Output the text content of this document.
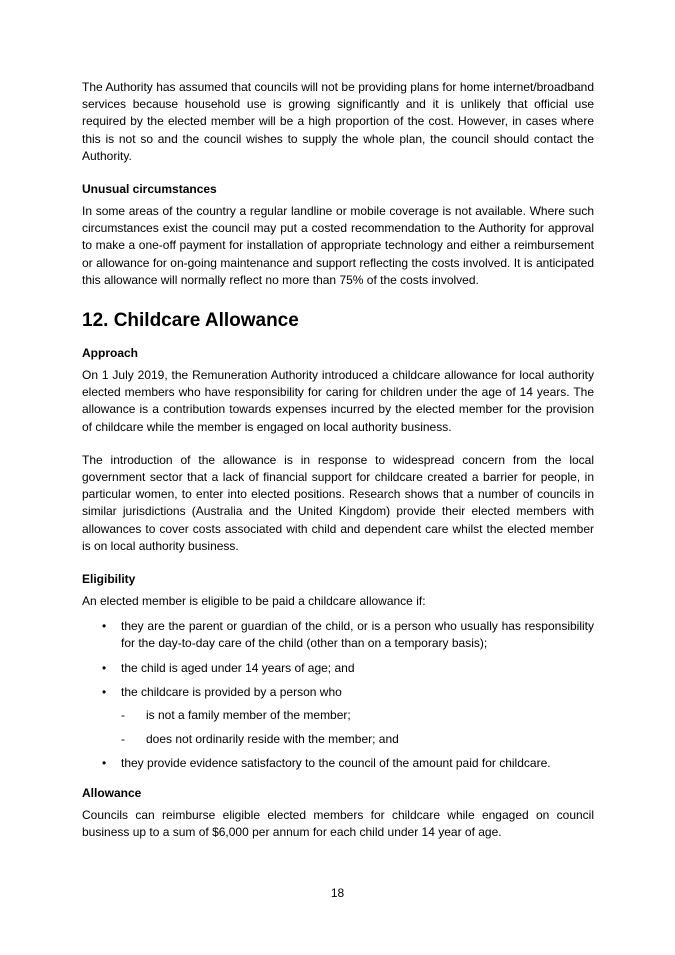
The Authority has assumed that councils will not be providing plans for home internet/broadband services because household use is growing significantly and it is unlikely that official use required by the elected member will be a high proportion of the cost. However, in cases where this is not so and the council wishes to supply the whole plan, the council should contact the Authority.

Unusual circumstances

In some areas of the country a regular landline or mobile coverage is not available. Where such circumstances exist the council may put a costed recommendation to the Authority for approval to make a one-off payment for installation of appropriate technology and either a reimbursement or allowance for on-going maintenance and support reflecting the costs involved. It is anticipated this allowance will normally reflect no more than 75% of the costs involved.

12. Childcare Allowance
Approach

On 1 July 2019, the Remuneration Authority introduced a childcare allowance for local authority elected members who have responsibility for caring for children under the age of 14 years. The allowance is a contribution towards expenses incurred by the elected member for the provision of childcare while the member is engaged on local authority business.

The introduction of the allowance is in response to widespread concern from the local government sector that a lack of financial support for childcare created a barrier for people, in particular women, to enter into elected positions. Research shows that a number of councils in similar jurisdictions (Australia and the United Kingdom) provide their elected members with allowances to cover costs associated with child and dependent care whilst the elected member is on local authority business.

Eligibility

An elected member is eligible to be paid a childcare allowance if:

• they are the parent or guardian of the child, or is a person who usually has responsibility for the day-to-day care of the child (other than on a temporary basis);
• the child is aged under 14 years of age; and
• the childcare is provided by a person who
- is not a family member of the member;
- does not ordinarily reside with the member; and
• they provide evidence satisfactory to the council of the amount paid for childcare.
Allowance

Councils can reimburse eligible elected members for childcare while engaged on council business up to a sum of $6,000 per annum for each child under 14 year of age.

18
